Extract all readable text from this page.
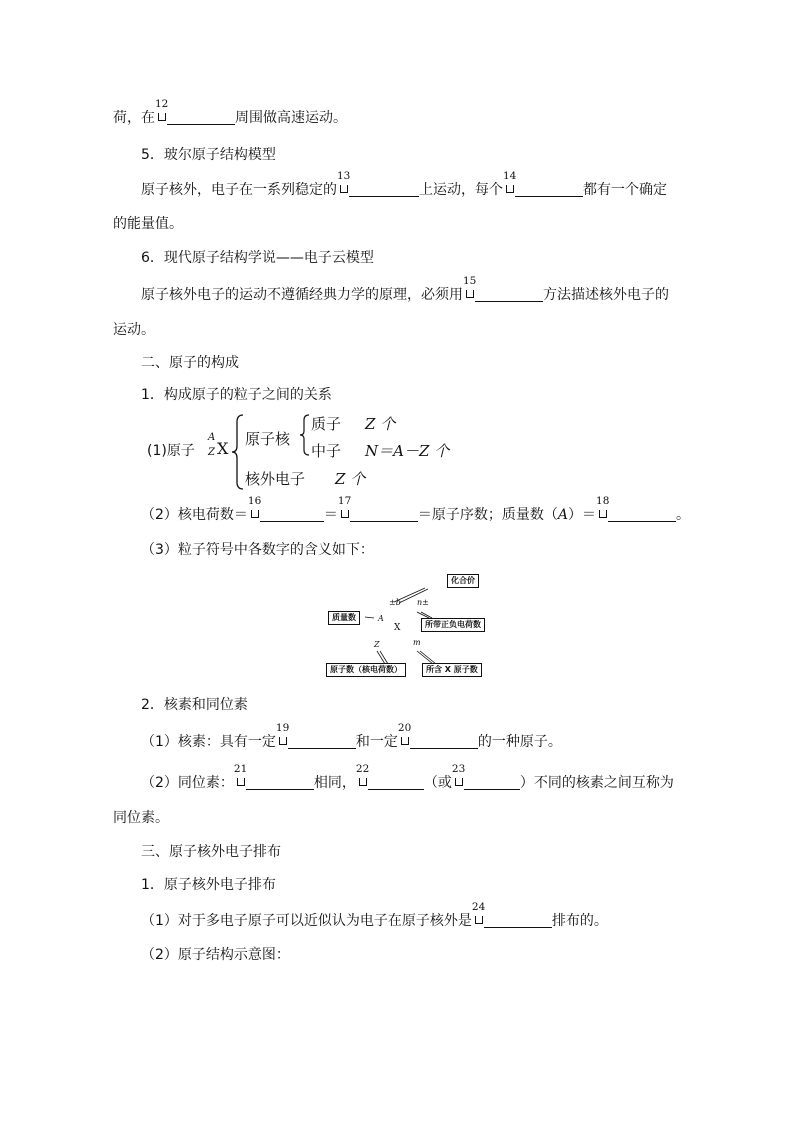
荷，在
12
周围做高速运动。
5．玻尔原子结构模型
原子核外，电子在一系列稳定的
13
上运动，每个
14
都有一个确定
的能量值。
6．现代原子结构学说——电子云模型
原子核外电子的运动不遵循经典力学的原理，必须用
15
方法描述核外电子的
运动。
二、原子的构成
1．构成原子的粒子之间的关系
(1)原子
A
Z X 原子核
质子 Z 个
中子 N＝A－Z 个
核外电子 Z 个
（2）核电荷数＝
16
＝
17
＝原子序数；质量数（A）＝
18
。
（3）粒子符号中各数字的含义如下：
化合价
质量数
所带正负电荷数
原子数（核电荷数）	所含 X 原子数
±b n±
A
X
Z	m
2．核素和同位素
（1）核素：具有一定
19
和一定
20
的一种原子。
（2）同位素：
21
相同，
22
（或
23
）不同的核素之间互称为
同位素。
三、原子核外电子排布
1．原子核外电子排布
（1）对于多电子原子可以近似认为电子在原子核外是
24
排布的。
（2）原子结构示意图：
